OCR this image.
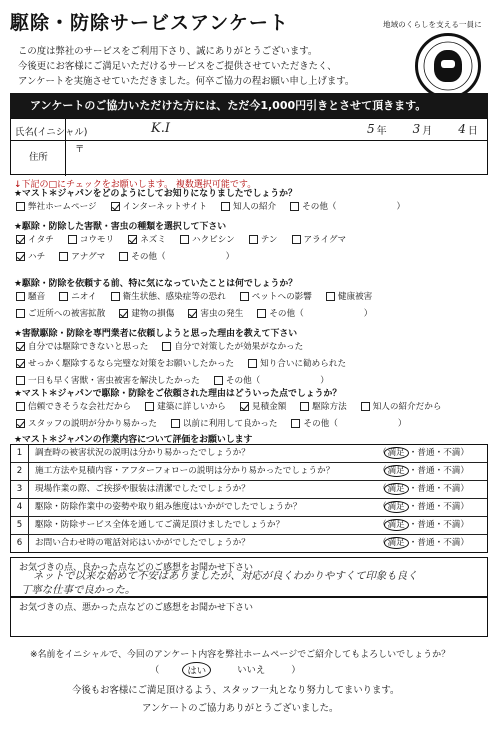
駆除・防除サービスアンケート	地域のくらしを支える一員に
この度は弊社のサービスをご利用下さり、誠にありがとうございます。
今後更にお客様にご満足いただけるサービスをご提供させていただきたく、
アンケートを実施させていただきました。何卒ご協力の程お願い申し上げます。
アンケートのご協力いただけた方には、ただ今1,000円引きとさせて頂きます。
氏名(イニシャル)	K.I	5 年 3 月 4 日
住所
〒
↓下記の□にチェックをお願いします。 複数選択可能です。
★マスト＊ジャパンをどのようにしてお知りになりましたでしょうか？
弊社ホームページ	インターネットサイト	知人の紹介	その他（	）
★駆除・防除した害獣・害虫の種類を選択して下さい
イタチ	コウモリ	ネズミ	ハクビシン	テン	アライグマ
ハチ	アナグマ	その他（	）
★駆除・防除を依頼する前、特に気になっていたことは何でしょうか？
騒音	ニオイ	衛生状態、感染症等の恐れ	ペットへの影響	健康被害
ご近所への被害拡散	建物の損傷	害虫の発生	その他（	）
★害獣駆除・防除を専門業者に依頼しようと思った理由を教えて下さい
自分では駆除できないと思った	自分で対策したが効果がなかった
せっかく駆除するなら完璧な対策をお願いしたかった	知り合いに勧められた
一日も早く害獣・害虫被害を解決したかった	その他（	）
★マスト＊ジャパンで駆除・防除をご依頼された理由はどういった点でしょうか？
信頼できそうな会社だから	建築に詳しいから	見積金額	駆除方法	知人の紹介だから
スタッフの説明が分かり易かった	以前に利用して良かった	その他（	）
★マスト＊ジャパンの作業内容について評価をお願いします
1	調査時の被害状況の説明は分かり易かったでしょうか？	（満足 ・普通・不満）
2	施工方法や見積内容・アフターフォローの説明は分かり易かったでしょうか？	（満足 ・普通・不満）
3	現場作業の際、ご挨拶や服装は清潔でしたでしょうか？	（満足 ・普通・不満）
4	駆除・防除作業中の姿勢や取り組み態度はいかがでしたでしょうか？	（満足 ・普通・不満）
5	駆除・防除サービス全体を通してご満足頂けましたでしょうか？	（満足 ・普通・不満）
6	お問い合わせ時の電話対応はいかがでしたでしょうか？	（満足 ・普通・不満）
お気づきの点、良かった点などのご感想をお聞かせ下さい
ネットで以来な始めて不安はありましたが、対応が良くわかりやすくて印象も良く
丁寧な仕事で良かった。
お気づきの点、悪かった点などのご感想をお聞かせ下さい
※名前をイニシャルで、今回のアンケート内容を弊社ホームページでご紹介してもよろしいでしょうか？
（	はい	いいえ	）
今後もお客様にご満足頂けるよう、スタッフ一丸となり努力してまいります。
アンケートのご協力ありがとうございました。
